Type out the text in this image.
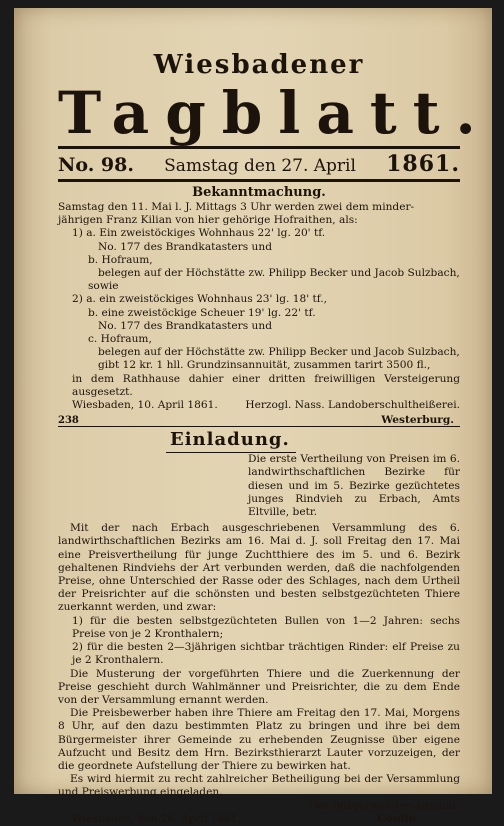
Wiesbadener
Tagblatt.
No. 98. Samstag den 27. April 1861.
Bekanntmachung.

Samstag den 11. Mai l. J. Mittags 3 Uhr werden zwei dem minder-

jährigen Franz Kilian von hier gehörige Hofraithen, als:

1) a. Ein zweistöckiges Wohnhaus 22' lg. 20' tf.

No. 177 des Brandkatasters und

b. Hofraum,

belegen auf der Höchstätte zw. Philipp Becker und Jacob Sulzbach,

sowie

2) a. ein zweistöckiges Wohnhaus 23' lg. 18' tf.,

b. eine zweistöckige Scheuer 19' lg. 22' tf.

No. 177 des Brandkatasters und

c. Hofraum,

belegen auf der Höchstätte zw. Philipp Becker und Jacob Sulzbach,

gibt 12 kr. 1 hll. Grundzinsannuität, zusammen tarirt 3500 fl.,

in dem Rathhause dahier einer dritten freiwilligen Versteigerung ausgesetzt.

Wiesbaden, 10. April 1861.	Herzogl. Nass. Landoberschultheißerei.
238	Westerburg.
Einladung.

Die erste Vertheilung von Preisen im 6. landwirthschaftlichen Bezirke für diesen und im 5. Bezirke gezüchtetes junges Rindvieh zu Erbach, Amts Eltville, betr.

Mit der nach Erbach ausgeschriebenen Versammlung des 6. landwirthschaftlichen Bezirks am 16. Mai d. J. soll Freitag den 17. Mai eine Preisvertheilung für junge Zuchtthiere des im 5. und 6. Bezirk gehaltenen Rindviehs der Art verbunden werden, daß die nachfolgenden Preise, ohne Unterschied der Rasse oder des Schlages, nach dem Urtheil der Preisrichter auf die schönsten und besten selbstgezüchteten Thiere zuerkannt werden, und zwar:

1) für die besten selbstgezüchteten Bullen von 1—2 Jahren: sechs Preise von je 2 Kronthalern;

2) für die besten 2—3jährigen sichtbar trächtigen Rinder: elf Preise zu je 2 Kronthalern.

Die Musterung der vorgeführten Thiere und die Zuerkennung der Preise geschieht durch Wahlmänner und Preisrichter, die zu dem Ende von der Versammlung ernannt werden.

Die Preisbewerber haben ihre Thiere am Freitag den 17. Mai, Morgens 8 Uhr, auf den dazu bestimmten Platz zu bringen und ihre bei dem Bürgermeister ihrer Gemeinde zu erhebenden Zeugnisse über eigene Aufzucht und Besitz dem Hrn. Bezirksthierarzt Lauter vorzuzeigen, der die geordnete Aufstellung der Thiere zu bewirken hat.

Es wird hiermit zu recht zahlreicher Betheiligung bei der Versammlung und Preiswerbung eingeladen.

Der Bürgermeister-Adjunkt.
Wiesbaden, den 26. April 1861.	Coulin.
